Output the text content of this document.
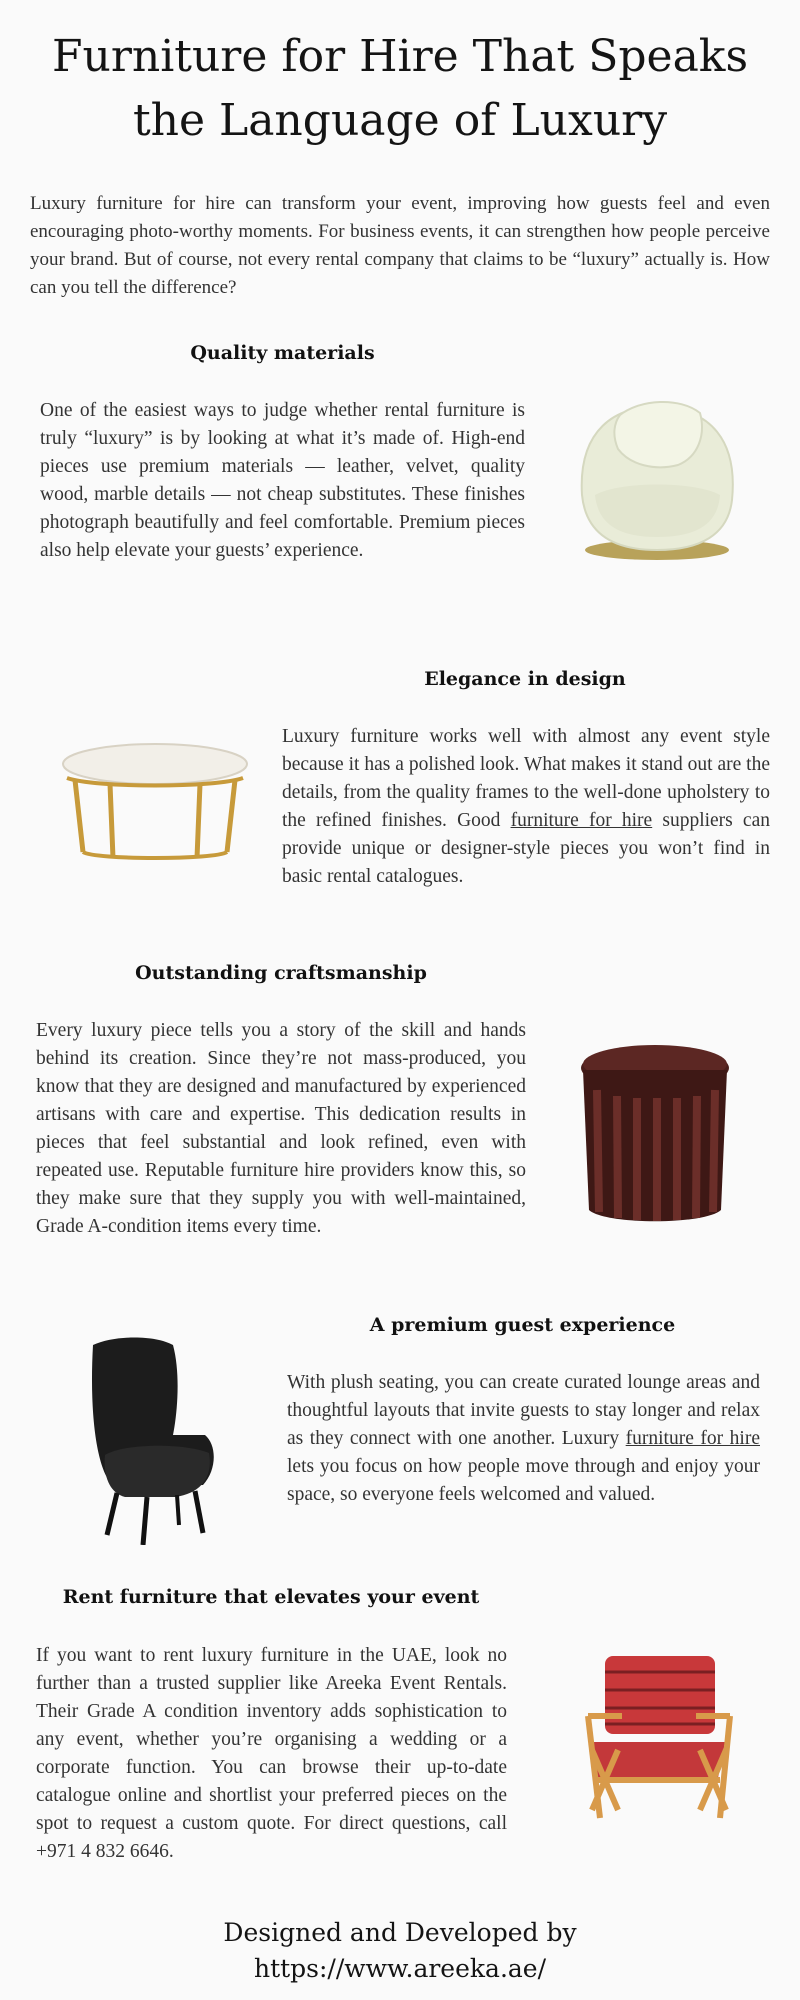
Furniture for Hire That Speaks the Language of Luxury

Luxury furniture for hire can transform your event, improving how guests feel and even encouraging photo-worthy moments. For business events, it can strengthen how people perceive your brand. But of course, not every rental company that claims to be “luxury” actually is. How can you tell the difference?

Quality materials

One of the easiest ways to judge whether rental furniture is truly “luxury” is by looking at what it’s made of. High-end pieces use premium materials — leather, velvet, quality wood, marble details — not cheap substitutes. These finishes photograph beautifully and feel comfortable. Premium pieces also help elevate your guests’ experience.

Elegance in design

Luxury furniture works well with almost any event style because it has a polished look. What makes it stand out are the details, from the quality frames to the well-done upholstery to the refined finishes. Good furniture for hire suppliers can provide unique or designer-style pieces you won’t find in basic rental catalogues.

Outstanding craftsmanship

Every luxury piece tells you a story of the skill and hands behind its creation. Since they’re not mass-produced, you know that they are designed and manufactured by experienced artisans with care and expertise. This dedication results in pieces that feel substantial and look refined, even with repeated use. Reputable furniture hire providers know this, so they make sure that they supply you with well-maintained, Grade A-condition items every time.

A premium guest experience

With plush seating, you can create curated lounge areas and thoughtful layouts that invite guests to stay longer and relax as they connect with one another. Luxury furniture for hire lets you focus on how people move through and enjoy your space, so everyone feels welcomed and valued.

Rent furniture that elevates your event

If you want to rent luxury furniture in the UAE, look no further than a trusted supplier like Areeka Event Rentals. Their Grade A condition inventory adds sophistication to any event, whether you’re organising a wedding or a corporate function. You can browse their up-to-date catalogue online and shortlist your preferred pieces on the spot to request a custom quote. For direct questions, call +971 4 832 6646.

Designed and Developed by
https://www.areeka.ae/
